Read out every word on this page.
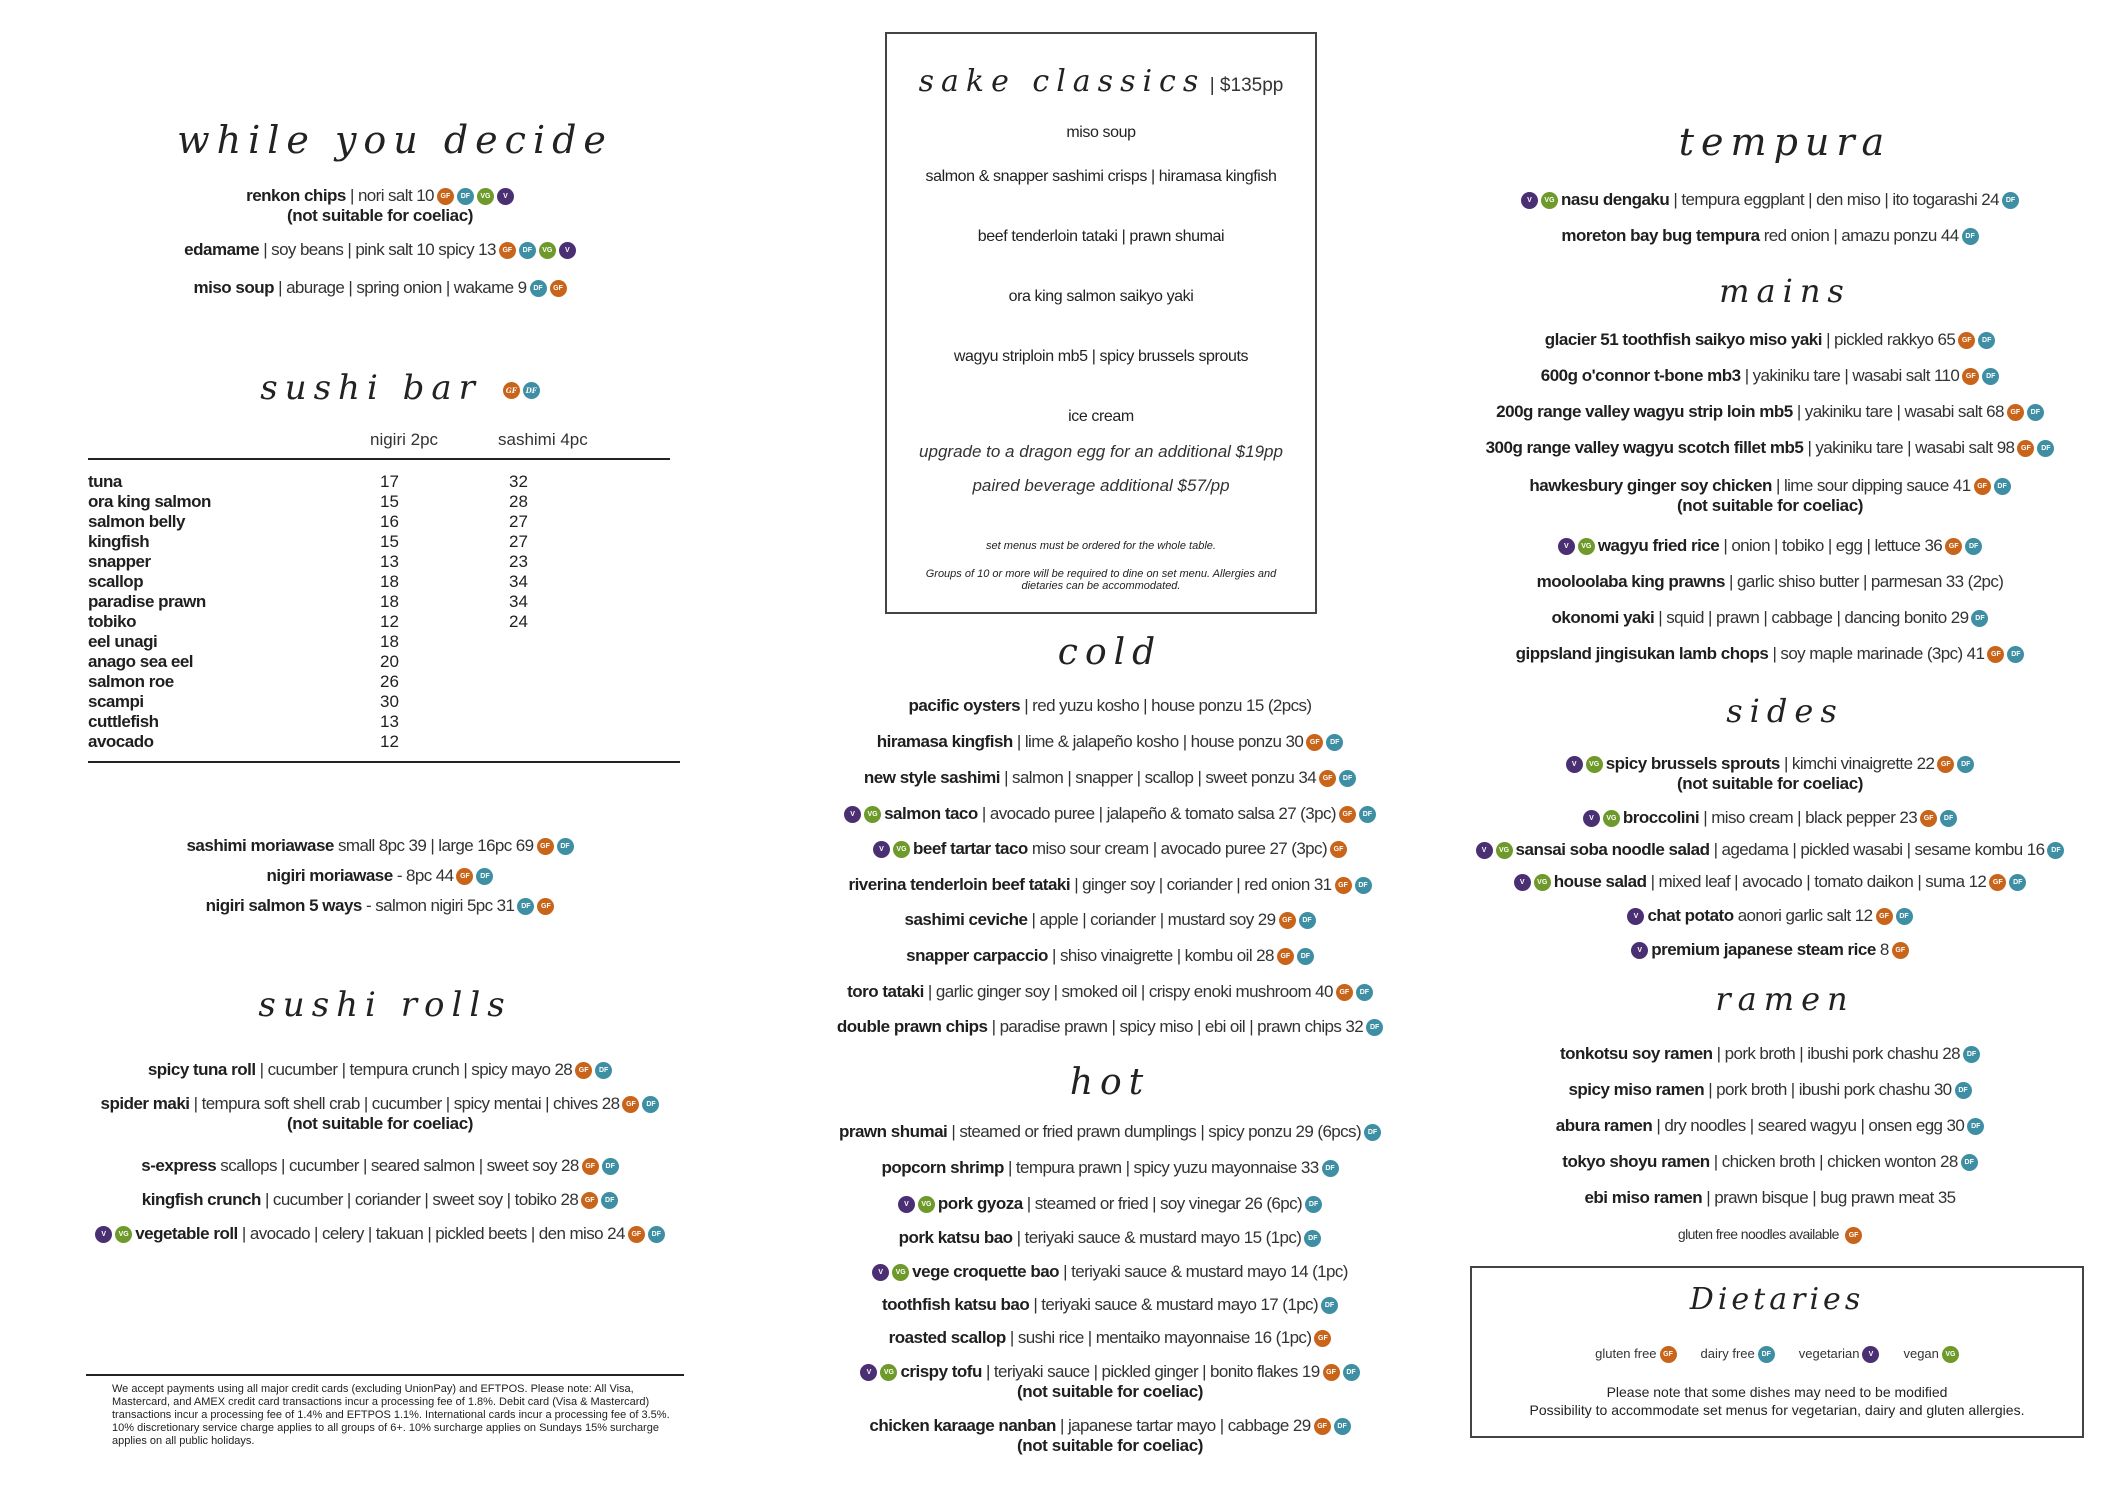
while you decide
renkon chips | nori salt 10 GF DF VG V
(not suitable for coeliac)
edamame | soy beans | pink salt 10 spicy 13 GF DF VG V
miso soup | aburage | spring onion | wakame 9 DF GF
sushi bar	GF DF
nigiri 2pc	sashimi 4pc
tuna	17	32
ora king salmon	15	28
salmon belly	16	27
kingfish	15	27
snapper	13	23
scallop	18	34
paradise prawn	18	34
tobiko	12	24
eel unagi	18
anago sea eel	20
salmon roe	26
scampi	30
cuttlefish	13
avocado	12
sashimi moriawase small 8pc 39 | large 16pc 69 GF DF
nigiri moriawase - 8pc 44 GF DF
nigiri salmon 5 ways - salmon nigiri 5pc 31 DF GF
sushi rolls
spicy tuna roll | cucumber | tempura crunch | spicy mayo 28 GF DF
spider maki | tempura soft shell crab | cucumber | spicy mentai | chives 28 GF DF
(not suitable for coeliac)
s-express scallops | cucumber | seared salmon | sweet soy 28 GF DF
kingfish crunch | cucumber | coriander | sweet soy | tobiko 28 GF DF
V VG vegetable roll | avocado | celery | takuan | pickled beets | den miso 24 GF DF
We accept payments using all major credit cards (excluding UnionPay) and EFTPOS. Please note: All Visa, Mastercard, and AMEX credit card transactions incur a processing fee of 1.8%. Debit card (Visa & Mastercard) transactions incur a processing fee of 1.4% and EFTPOS 1.1%. International cards incur a processing fee of 3.5%. 10% discretionary service charge applies to all groups of 6+. 10% surcharge applies on Sundays 15% surcharge applies on all public holidays.
sake classics | $135pp
miso soup
salmon & snapper sashimi crisps | hiramasa kingfish
beef tenderloin tataki | prawn shumai
ora king salmon saikyo yaki
wagyu striploin mb5 | spicy brussels sprouts
ice cream
upgrade to a dragon egg for an additional $19pp
paired beverage additional $57/pp
set menus must be ordered for the whole table.
Groups of 10 or more will be required to dine on set menu. Allergies and dietaries can be accommodated.
cold
pacific oysters | red yuzu kosho | house ponzu 15 (2pcs)
hiramasa kingfish | lime & jalapeño kosho | house ponzu 30 GF DF
new style sashimi | salmon | snapper | scallop | sweet ponzu 34 GF DF
V VG salmon taco | avocado puree | jalapeño & tomato salsa 27 (3pc) GF DF
V VG beef tartar taco miso sour cream | avocado puree 27 (3pc) GF
riverina tenderloin beef tataki | ginger soy | coriander | red onion 31 GF DF
sashimi ceviche | apple | coriander | mustard soy 29 GF DF
snapper carpaccio | shiso vinaigrette | kombu oil 28 GF DF
toro tataki | garlic ginger soy | smoked oil | crispy enoki mushroom 40 GF DF
double prawn chips | paradise prawn | spicy miso | ebi oil | prawn chips 32 DF
hot
prawn shumai | steamed or fried prawn dumplings | spicy ponzu 29 (6pcs) DF
popcorn shrimp | tempura prawn | spicy yuzu mayonnaise 33 DF
V VG pork gyoza | steamed or fried | soy vinegar 26 (6pc) DF
pork katsu bao | teriyaki sauce & mustard mayo 15 (1pc) DF
V VG vege croquette bao | teriyaki sauce & mustard mayo 14 (1pc)
toothfish katsu bao | teriyaki sauce & mustard mayo 17 (1pc) DF
roasted scallop | sushi rice | mentaiko mayonnaise 16 (1pc) GF
V VG crispy tofu | teriyaki sauce | pickled ginger | bonito flakes 19 GF DF
(not suitable for coeliac)
chicken karaage nanban | japanese tartar mayo | cabbage 29 GF DF
(not suitable for coeliac)
tempura
V VG nasu dengaku | tempura eggplant | den miso | ito togarashi 24 DF
moreton bay bug tempura red onion | amazu ponzu 44 DF
mains
glacier 51 toothfish saikyo miso yaki | pickled rakkyo 65 GF DF
600g o'connor t-bone mb3 | yakiniku tare | wasabi salt 110 GF DF
200g range valley wagyu strip loin mb5 | yakiniku tare | wasabi salt 68 GF DF
300g range valley wagyu scotch fillet mb5 | yakiniku tare | wasabi salt 98 GF DF
hawkesbury ginger soy chicken | lime sour dipping sauce 41 GF DF
(not suitable for coeliac)
V VG wagyu fried rice | onion | tobiko | egg | lettuce 36 GF DF
mooloolaba king prawns | garlic shiso butter | parmesan 33 (2pc)
okonomi yaki | squid | prawn | cabbage | dancing bonito 29 DF
gippsland jingisukan lamb chops | soy maple marinade (3pc) 41 GF DF
sides
V VG spicy brussels sprouts | kimchi vinaigrette 22 GF DF
(not suitable for coeliac)
V VG broccolini | miso cream | black pepper 23 GF DF
V VG sansai soba noodle salad | agedama | pickled wasabi | sesame kombu 16 DF
V VG house salad | mixed leaf | avocado | tomato daikon | suma 12 GF DF
V chat potato aonori garlic salt 12 GF DF
V premium japanese steam rice 8 GF
ramen
tonkotsu soy ramen | pork broth | ibushi pork chashu 28 DF
spicy miso ramen | pork broth | ibushi pork chashu 30 DF
abura ramen | dry noodles | seared wagyu | onsen egg 30 DF
tokyo shoyu ramen | chicken broth | chicken wonton 28 DF
ebi miso ramen | prawn bisque | bug prawn meat 35
gluten free noodles available GF
Dietaries
gluten free GF dairy free DF vegetarian V vegan VG
Please note that some dishes may need to be modified
Possibility to accommodate set menus for vegetarian, dairy and gluten allergies.
